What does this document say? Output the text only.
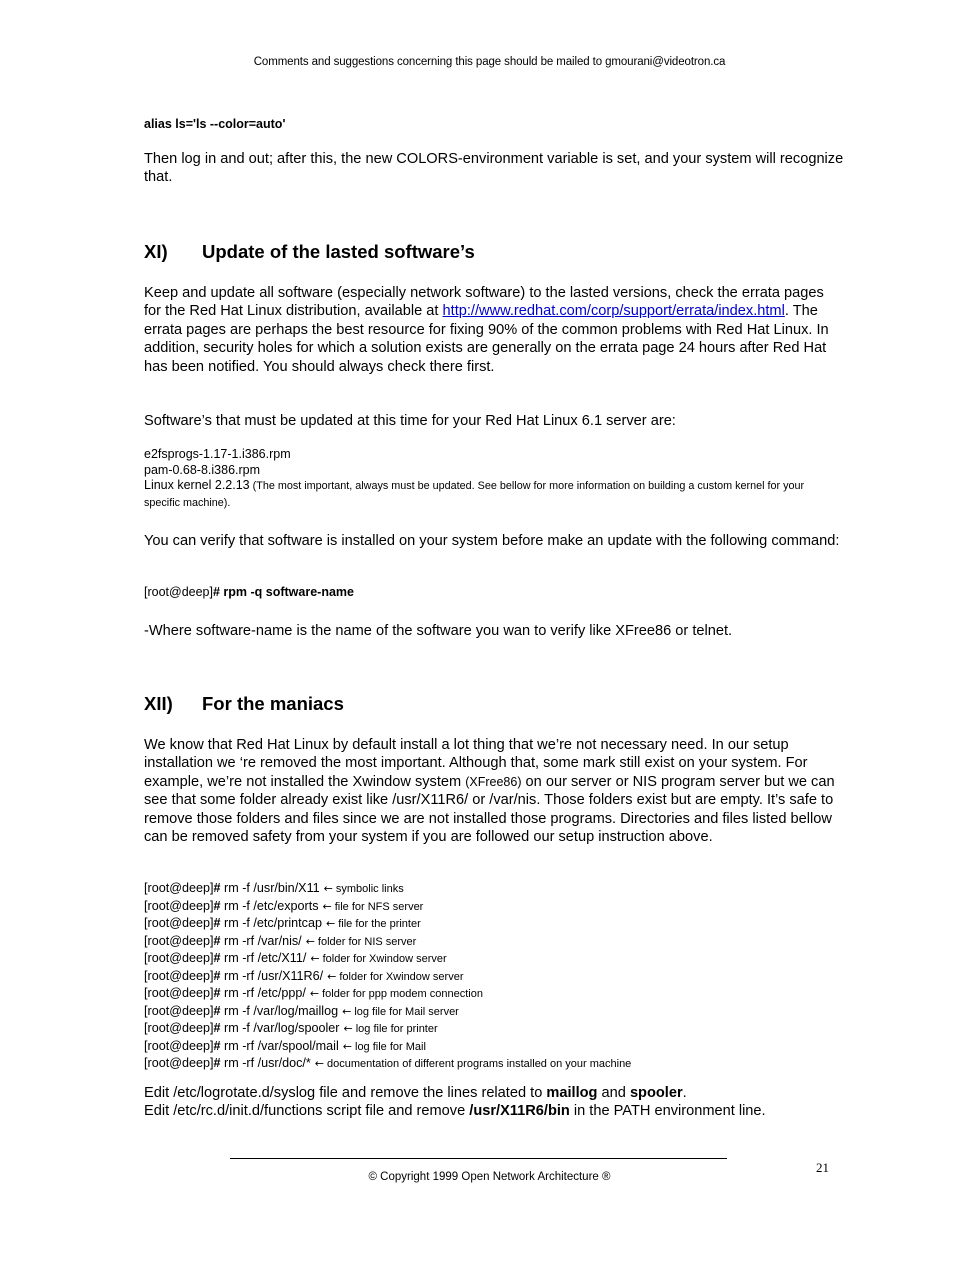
Comments and suggestions concerning this page should be mailed to gmourani@videotron.ca
alias ls='ls --color=auto'
Then log in and out; after this, the new COLORS-environment variable is set, and your system will recognize that.
XI) Update of the lasted software’s
Keep and update all software (especially network software) to the lasted versions, check the errata pages for the Red Hat Linux distribution, available at http://www.redhat.com/corp/support/errata/index.html. The errata pages are perhaps the best resource for fixing 90% of the common problems with Red Hat Linux. In addition, security holes for which a solution exists are generally on the errata page 24 hours after Red Hat has been notified. You should always check there first.
Software’s that must be updated at this time for your Red Hat Linux 6.1 server are:
e2fsprogs-1.17-1.i386.rpm
pam-0.68-8.i386.rpm
Linux kernel 2.2.13 (The most important, always must be updated. See bellow for more information on building a custom kernel for your specific machine).
You can verify that software is installed on your system before make an update with the following command:
[root@deep]# rpm -q software-name
-Where software-name is the name of the software you wan to verify like XFree86 or telnet.
XII) For the maniacs
We know that Red Hat Linux by default install a lot thing that we’re not necessary need. In our setup installation we ‘re removed the most important. Although that, some mark still exist on your system. For example, we’re not installed the Xwindow system (XFree86) on our server or NIS program server but we can see that some folder already exist like /usr/X11R6/ or /var/nis. Those folders exist but are empty. It’s safe to remove those folders and files since we are not installed those programs. Directories and files listed bellow can be removed safety from your system if you are followed our setup instruction above.
[root@deep]# rm -f /usr/bin/X11 ← symbolic links
[root@deep]# rm -f /etc/exports ← file for NFS server
[root@deep]# rm -f /etc/printcap ← file for the printer
[root@deep]# rm -rf /var/nis/ ← folder for NIS server
[root@deep]# rm -rf /etc/X11/ ← folder for Xwindow server
[root@deep]# rm -rf /usr/X11R6/ ← folder for Xwindow server
[root@deep]# rm -rf /etc/ppp/ ← folder for ppp modem connection
[root@deep]# rm -f /var/log/maillog ← log file for Mail server
[root@deep]# rm -f /var/log/spooler ← log file for printer
[root@deep]# rm -rf /var/spool/mail ← log file for Mail
[root@deep]# rm -rf /usr/doc/* ← documentation of different programs installed on your machine
Edit /etc/logrotate.d/syslog file and remove the lines related to maillog and spooler.
Edit /etc/rc.d/init.d/functions script file and remove /usr/X11R6/bin in the PATH environment line.
21
© Copyright 1999 Open Network Architecture ®
